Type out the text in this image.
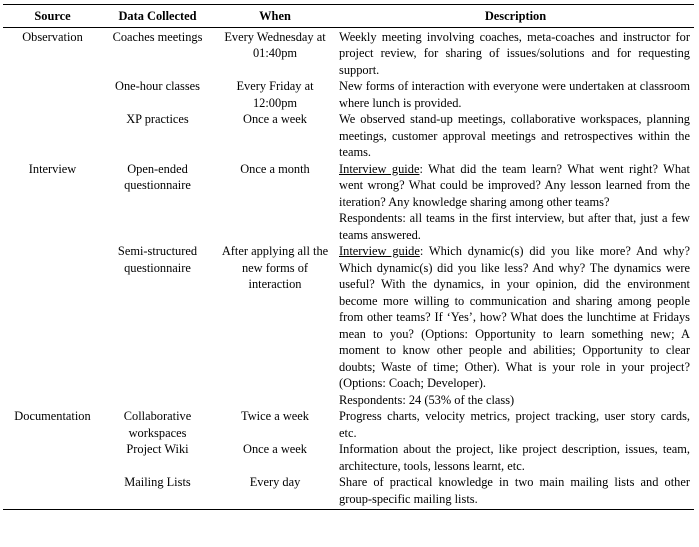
Source	Data Collected	When	Description
Observation	Coaches meetings	Every Wednesday at 01:40pm	Weekly meeting involving coaches, meta-coaches and instructor for project review, for sharing of issues/solutions and for requesting support.
	One-hour classes	Every Friday at 12:00pm	New forms of interaction with everyone were undertaken at classroom where lunch is provided.
	XP practices	Once a week	We observed stand-up meetings, collaborative workspaces, planning meetings, customer approval meetings and retrospectives within the teams.
Interview	Open-ended questionnaire	Once a month	Interview guide: What did the team learn? What went right? What went wrong? What could be improved? Any lesson learned from the iteration? Any knowledge sharing among other teams?

Respondents: all teams in the first interview, but after that, just a few teams answered.

	Semi-structured questionnaire	After applying all the new forms of interaction	Interview guide: Which dynamic(s) did you like more? And why? Which dynamic(s) did you like less? And why? The dynamics were useful? With the dynamics, in your opinion, did the environment become more willing to communication and sharing among people from other teams? If ‘Yes’, how? What does the lunchtime at Fridays mean to you? (Options: Opportunity to learn something new; A moment to know other people and abilities; Opportunity to clear doubts; Waste of time; Other). What is your role in your project? (Options: Coach; Developer).

Respondents: 24 (53% of the class)

Documentation	Collaborative workspaces	Twice a week	Progress charts, velocity metrics, project tracking, user story cards, etc.
	Project Wiki	Once a week	Information about the project, like project description, issues, team, architecture, tools, lessons learnt, etc.
	Mailing Lists	Every day	Share of practical knowledge in two main mailing lists and other group-specific mailing lists.
